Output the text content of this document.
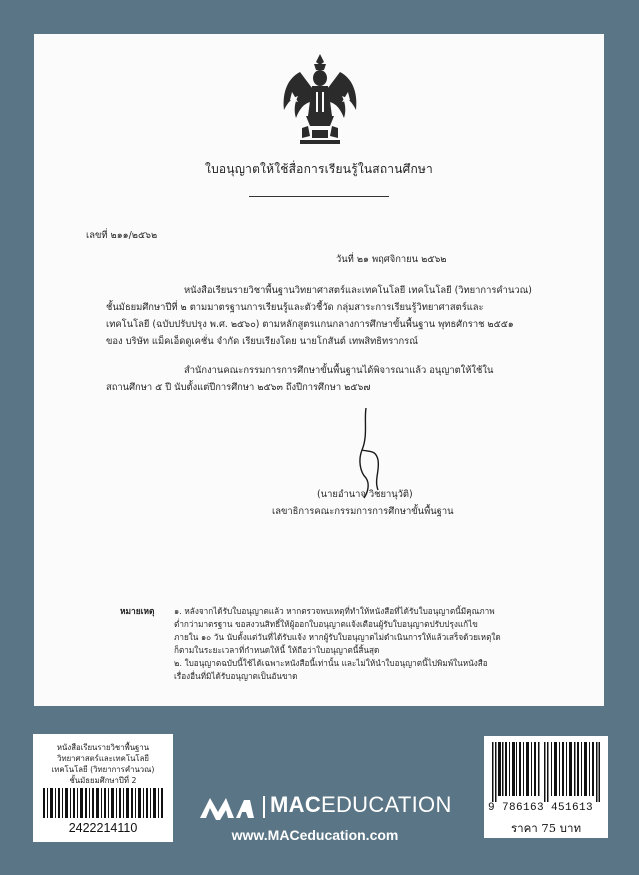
ใบอนุญาตให้ใช้สื่อการเรียนรู้ในสถานศึกษา
เลขที่ ๒๑๑/๒๕๖๒
วันที่ ๒๑ พฤศจิกายน ๒๕๖๒
หนังสือเรียนรายวิชาพื้นฐานวิทยาศาสตร์และเทคโนโลยี เทคโนโลยี (วิทยาการคำนวณ)
ชั้นมัธยมศึกษาปีที่ ๒ ตามมาตรฐานการเรียนรู้และตัวชี้วัด กลุ่มสาระการเรียนรู้วิทยาศาสตร์และ
เทคโนโลยี (ฉบับปรับปรุง พ.ศ. ๒๕๖๐) ตามหลักสูตรแกนกลางการศึกษาขั้นพื้นฐาน พุทธศักราช ๒๕๕๑
ของ บริษัท แม็คเอ็ดดูเคชั่น จำกัด เรียบเรียงโดย นายโกสันต์ เทพสิทธิทรากรณ์
สำนักงานคณะกรรมการการศึกษาขั้นพื้นฐานได้พิจารณาแล้ว อนุญาตให้ใช้ใน
สถานศึกษา ๕ ปี นับตั้งแต่ปีการศึกษา ๒๕๖๓ ถึงปีการศึกษา ๒๕๖๗
(นายอำนาจ วิชยานุวัติ)
เลขาธิการคณะกรรมการการศึกษาขั้นพื้นฐาน
หมายเหตุ ๑. หลังจากได้รับใบอนุญาตแล้ว หากตรวจพบเหตุที่ทำให้หนังสือที่ได้รับใบอนุญาตนี้มีคุณภาพ
ต่ำกว่ามาตรฐาน ขอสงวนสิทธิ์ให้ผู้ออกใบอนุญาตแจ้งเตือนผู้รับใบอนุญาตปรับปรุงแก้ไข
ภายใน ๑๐ วัน นับตั้งแต่วันที่ได้รับแจ้ง หากผู้รับใบอนุญาตไม่ดำเนินการให้แล้วเสร็จด้วยเหตุใด
ก็ตามในระยะเวลาที่กำหนดให้นี้ ให้ถือว่าใบอนุญาตนี้สิ้นสุด
๒. ใบอนุญาตฉบับนี้ใช้ได้เฉพาะหนังสือนี้เท่านั้น และไม่ให้นำใบอนุญาตนี้ไปพิมพ์ในหนังสือ
เรื่องอื่นที่มิได้รับอนุญาตเป็นอันขาด
หนังสือเรียนรายวิชาพื้นฐาน
วิทยาศาสตร์และเทคโนโลยี
เทคโนโลยี (วิทยาการคำนวณ)
ชั้นมัธยมศึกษาปีที่ 2
2422214110
MACEDUCATION
www.MACeducation.com
9 786163 451613
ราคา 75 บาท
